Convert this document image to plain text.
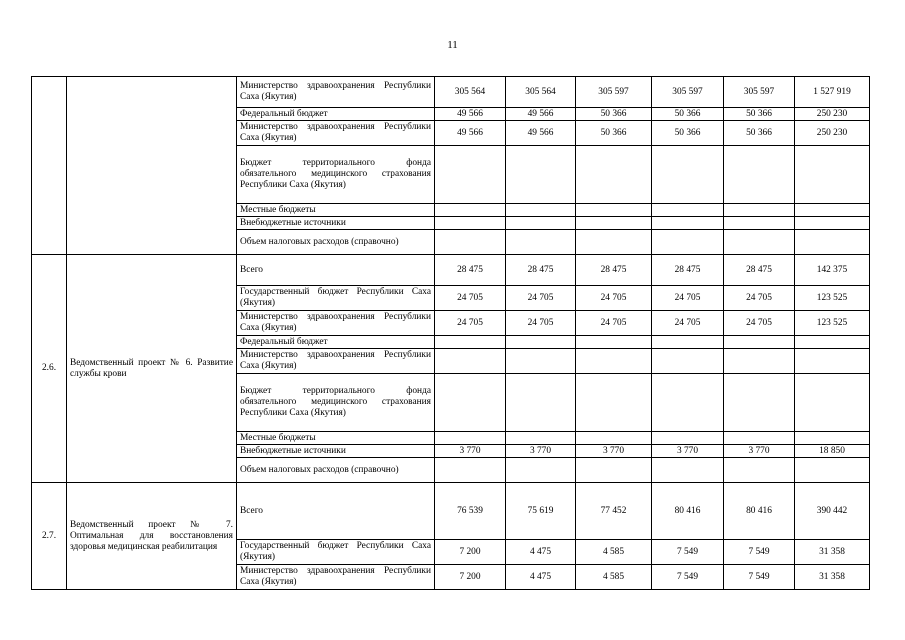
11
		Министерство здравоохранения Республики Саха (Якутия)	305 564	305 564	305 597	305 597	305 597	1 527 919
		Федеральный бюджет	49 566	49 566	50 366	50 366	50 366	250 230
		Министерство здравоохранения Республики Саха (Якутия)	49 566	49 566	50 366	50 366	50 366	250 230
		Бюджет территориального фонда обязательного медицинского страхования Республики Саха (Якутия)						
		Местные бюджеты						
		Внебюджетные источники						
		Объем налоговых расходов (справочно)						
2.6.	Ведомственный проект № 6. Развитие службы крови	Всего	28 475	28 475	28 475	28 475	28 475	142 375
		Государственный бюджет Республики Саха (Якутия)	24 705	24 705	24 705	24 705	24 705	123 525
		Министерство здравоохранения Республики Саха (Якутия)	24 705	24 705	24 705	24 705	24 705	123 525
		Федеральный бюджет						
		Министерство здравоохранения Республики Саха (Якутия)						
		Бюджет территориального фонда обязательного медицинского страхования Республики Саха (Якутия)						
		Местные бюджеты						
		Внебюджетные источники	3 770	3 770	3 770	3 770	3 770	18 850
		Объем налоговых расходов (справочно)						
2.7.	Ведомственный проект № 7. Оптимальная для восстановления здоровья медицинская реабилитация	Всего	76 539	75 619	77 452	80 416	80 416	390 442
		Государственный бюджет Республики Саха (Якутия)	7 200	4 475	4 585	7 549	7 549	31 358
		Министерство здравоохранения Республики Саха (Якутия)	7 200	4 475	4 585	7 549	7 549	31 358
